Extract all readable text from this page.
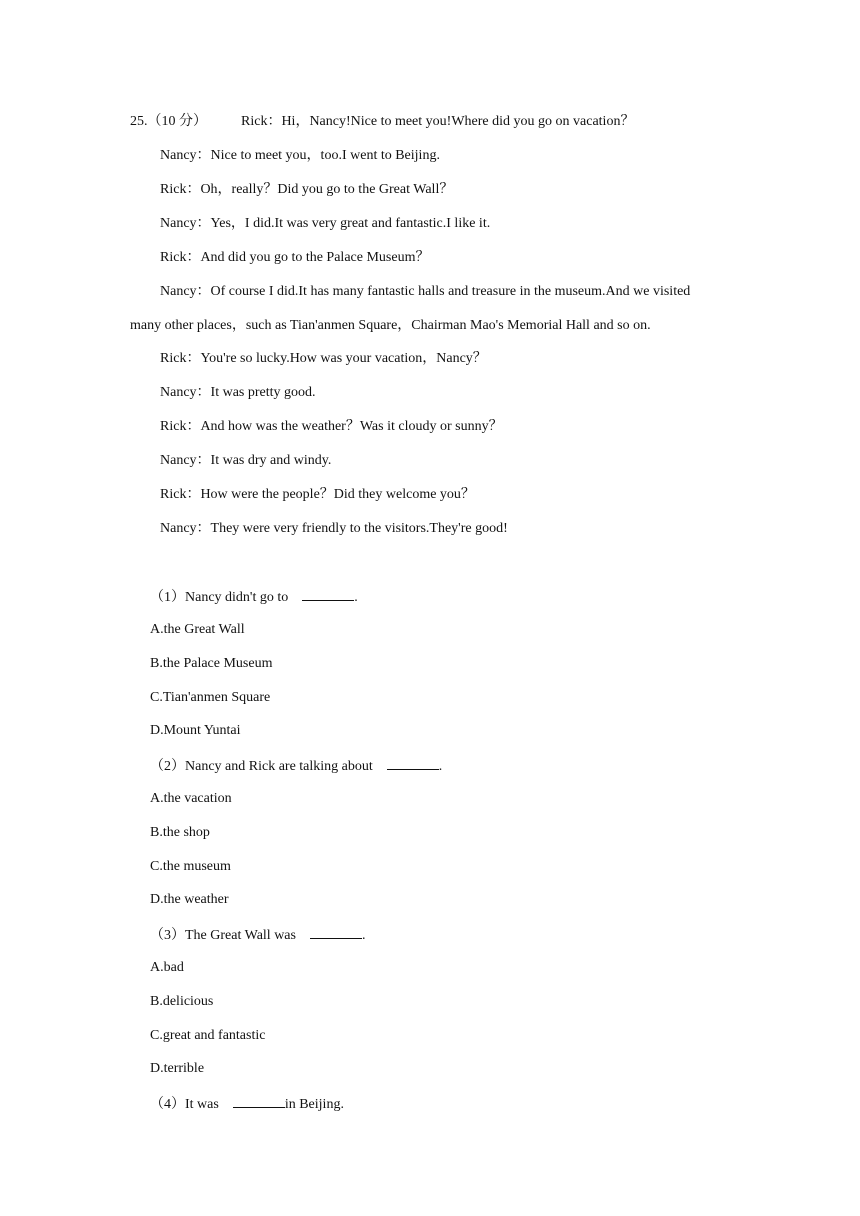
25.（10 分） Rick：Hi，Nancy!Nice to meet you!Where did you go on vacation？
Nancy：Nice to meet you，too.I went to Beijing.
Rick：Oh，really？Did you go to the Great Wall？
Nancy：Yes，I did.It was very great and fantastic.I like it.
Rick：And did you go to the Palace Museum？
Nancy：Of course I did.It has many fantastic halls and treasure in the museum.And we visited
many other places，such as Tian'anmen Square，Chairman Mao's Memorial Hall and so on.
Rick：You're so lucky.How was your vacation，Nancy？
Nancy：It was pretty good.
Rick：And how was the weather？Was it cloudy or sunny？
Nancy：It was dry and windy.
Rick：How were the people？Did they welcome you？
Nancy：They were very friendly to the visitors.They're good!
（1）Nancy didn't go to	.
A.the Great Wall
B.the Palace Museum
C.Tian'anmen Square
D.Mount Yuntai
（2）Nancy and Rick are talking about	.
A.the vacation
B.the shop
C.the museum
D.the weather
（3）The Great Wall was	.
A.bad
B.delicious
C.great and fantastic
D.terrible
（4）It was	in Beijing.
